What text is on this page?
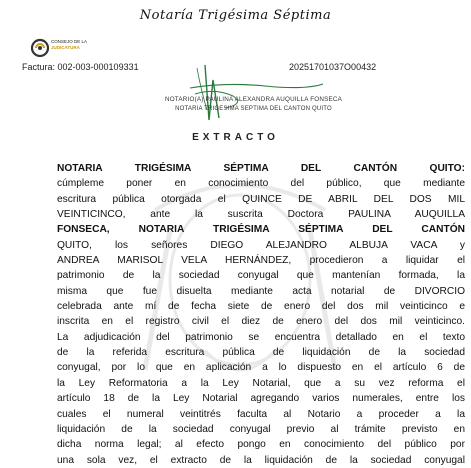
Notaría Trigésima Séptima
CONSEJO DE LA
JUDICATURA
Factura: 002-003-000109331	20251701037O00432
NOTARIO(A) PAULINA ALEXANDRA AUQUILLA FONSECA
NOTARIA TRIGESIMA SEPTIMA DEL CANTON QUITO
EXTRACTO

NOTARIA TRIGÉSIMA SÉPTIMA DEL CANTÓN QUITO:

cúmpleme poner en conocimiento del público, que mediante

escritura pública otorgada el QUINCE DE ABRIL DEL DOS MIL

VEINTICINCO, ante la suscrita Doctora PAULINA AUQUILLA

FONSECA, NOTARIA TRIGÉSIMA SÉPTIMA DEL CANTÓN

QUITO, los señores DIEGO ALEJANDRO ALBUJA VACA y

ANDREA MARISOL VELA HERNÁNDEZ, procedieron a liquidar el

patrimonio de la sociedad conyugal que mantenían formada, la

misma que fue disuelta mediante acta notarial de DIVORCIO

celebrada ante mí de fecha siete de enero del dos mil veinticinco e

inscrita en el registro civil el diez de enero del dos mil veinticinco.

La adjudicación del patrimonio se encuentra detallado en el texto

de la referida escritura pública de liquidación de la sociedad

conyugal, por lo que en aplicación a lo dispuesto en el artículo 6 de

la Ley Reformatoria a la Ley Notarial, que a su vez reforma el

artículo 18 de la Ley Notarial agregando varios numerales, entre los

cuales el numeral veintitrés faculta al Notario a proceder a la

liquidación de la sociedad conyugal previo al trámite previsto en

dicha norma legal; al efecto pongo en conocimiento del público por

una sola vez, el extracto de la liquidación de la sociedad conyugal
